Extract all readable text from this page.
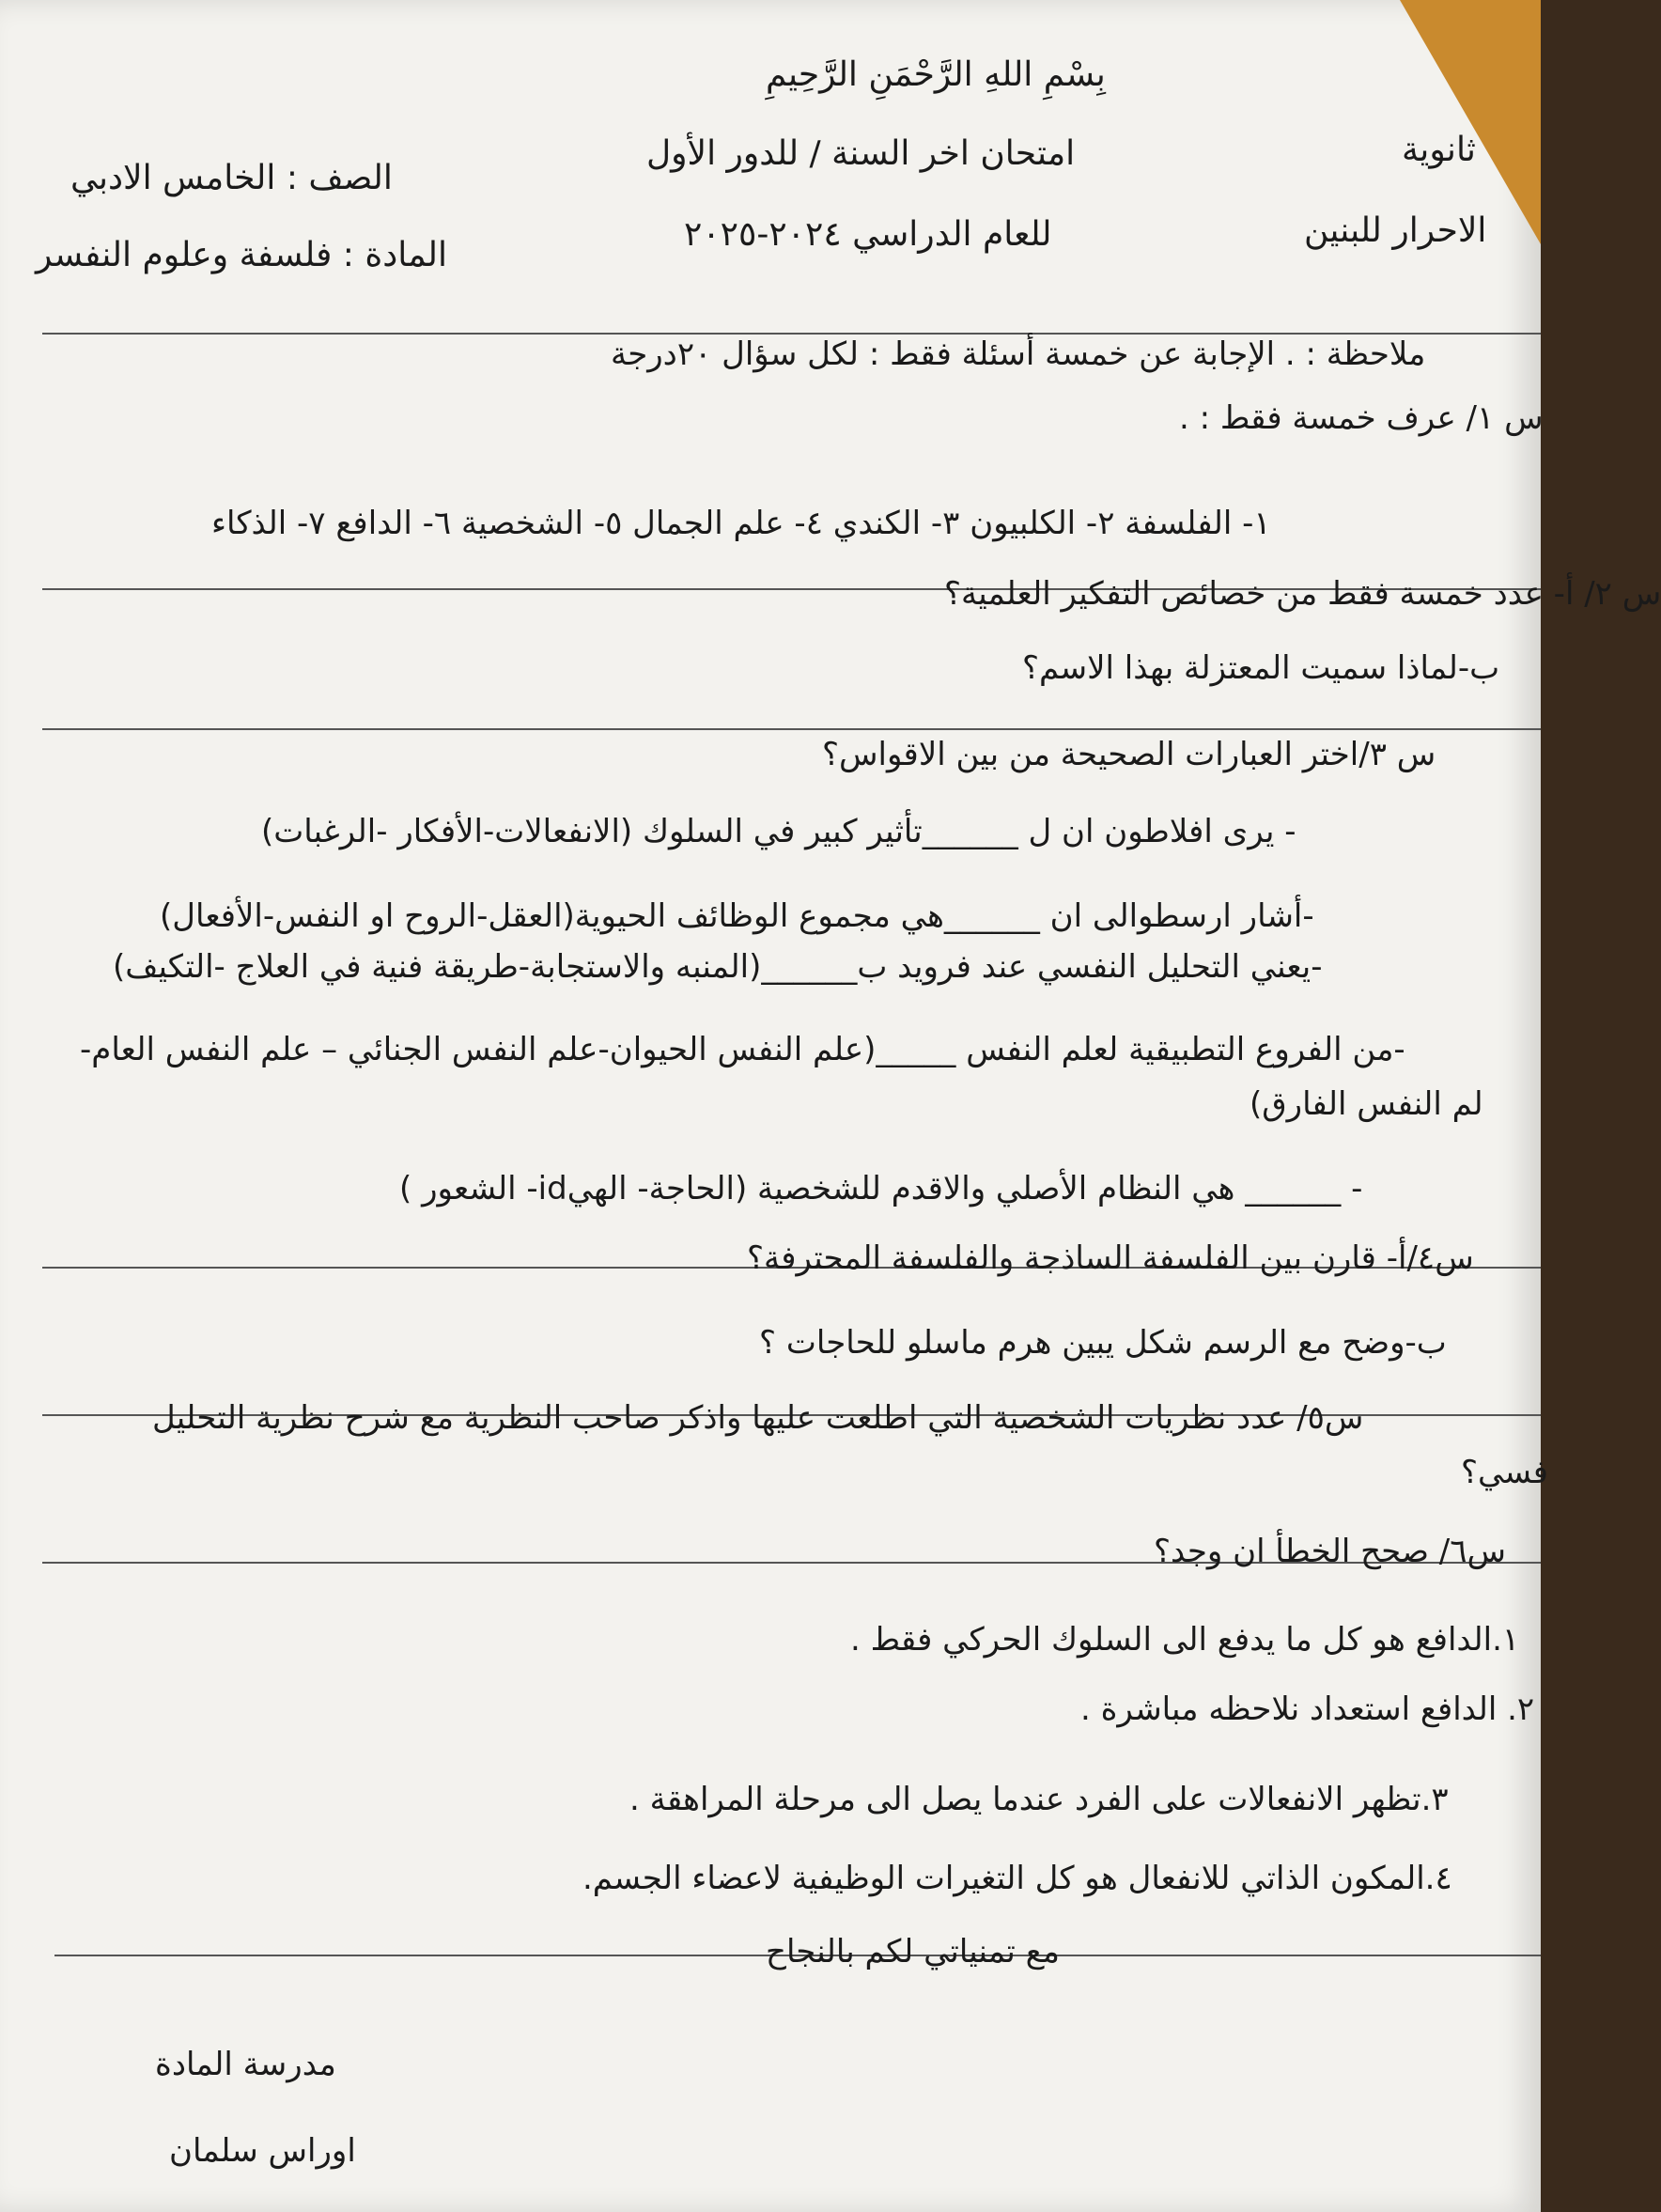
بِسْمِ اللهِ الرَّحْمَنِ الرَّحِيمِ
امتحان اخر السنة / للدور الأول
للعام الدراسي ٢٠٢٤-٢٠٢٥
ثانوية
الاحرار للبنين
الصف : الخامس الادبي
المادة : فلسفة وعلوم النفسر
ملاحظة : . الإجابة عن خمسة أسئلة فقط : لكل سؤال ٢٠درجة
س ١/ عرف خمسة فقط : .
١- الفلسفة ٢- الكلبيون ٣- الكندي ٤- علم الجمال ٥- الشخصية ٦- الدافع ٧- الذكاء
س ٢/ أ- عدد خمسة فقط من خصائص التفكير العلمية؟
ب-لماذا سميت المعتزلة بهذا الاسم؟
س ٣/اختر العبارات الصحيحة من بين الاقواس؟
- يرى افلاطون ان ل ______تأثير كبير في السلوك (الانفعالات-الأفكار -الرغبات)
-أشار ارسطوالى ان ______هي مجموع الوظائف الحيوية(العقل-الروح او النفس-الأفعال)
-يعني التحليل النفسي عند فرويد ب______(المنبه والاستجابة-طريقة فنية في العلاج -التكيف)
-من الفروع التطبيقية لعلم النفس _____(علم النفس الحيوان-علم النفس الجنائي – علم النفس العام-
لم النفس الفارق)
- ______ هي النظام الأصلي والاقدم للشخصية (الحاجة- الهيid- الشعور )
س٤/أ- قارن بين الفلسفة الساذجة والفلسفة المحترفة؟
ب-وضح مع الرسم شكل يبين هرم ماسلو للحاجات ؟
س٥/ عدد نظريات الشخصية التي اطلعت عليها واذكر صاحب النظرية مع شرح نظرية التحليل
فسي؟
س٦/ صحح الخطأ ان وجد؟
١.الدافع هو كل ما يدفع الى السلوك الحركي فقط .
٢. الدافع استعداد نلاحظه مباشرة .
٣.تظهر الانفعالات على الفرد عندما يصل الى مرحلة المراهقة .
٤.المكون الذاتي للانفعال هو كل التغيرات الوظيفية لاعضاء الجسم.
مع تمنياتي لكم بالنجاح
مدرسة المادة
اوراس سلمان
